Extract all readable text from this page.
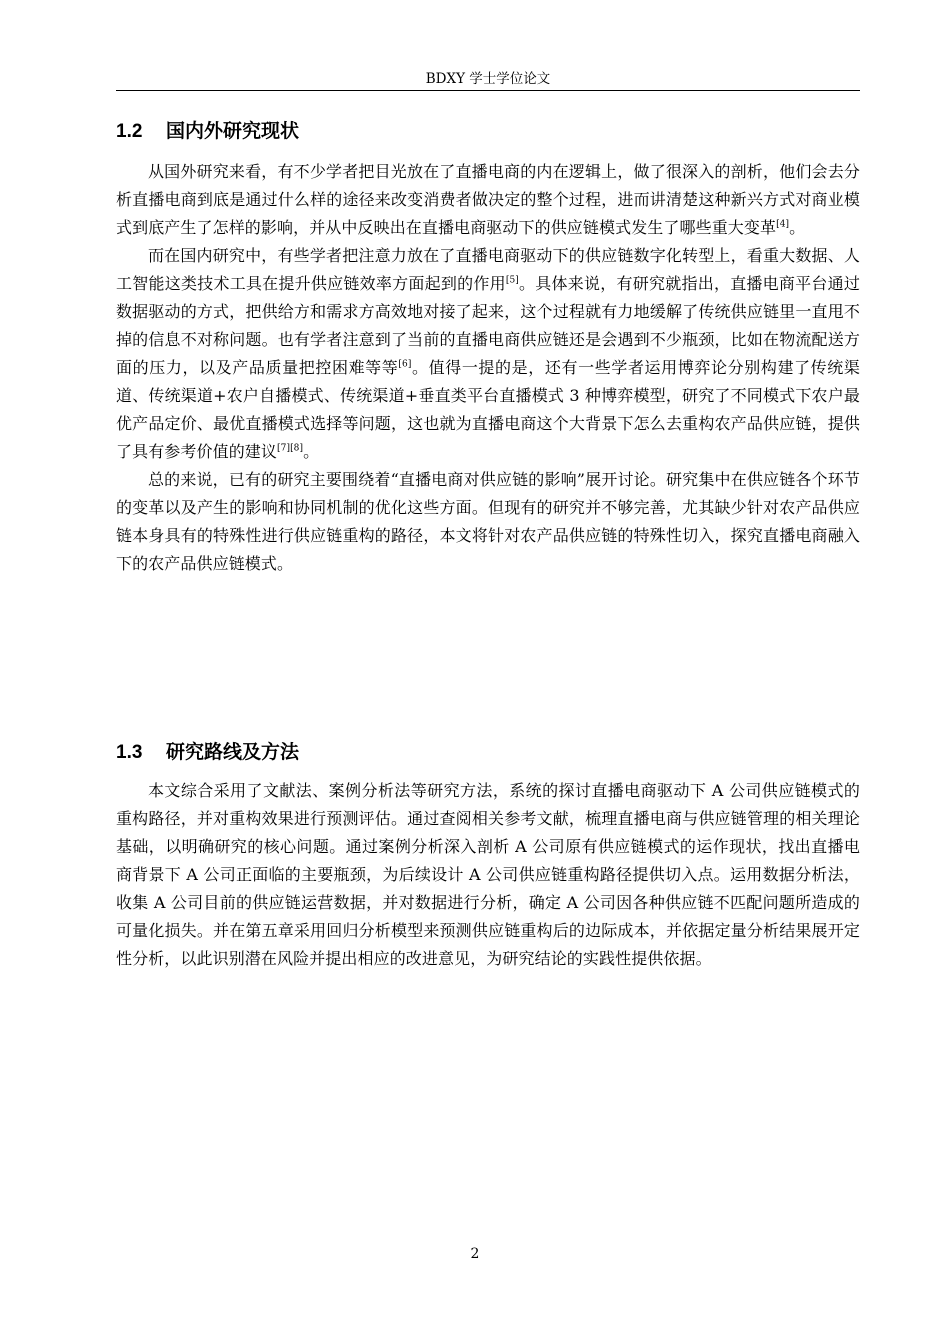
BDXY 学士学位论文
1.2 国内外研究现状

从国外研究来看，有不少学者把目光放在了直播电商的内在逻辑上，做了很深入的剖析，他们会去分析直播电商到底是通过什么样的途径来改变消费者做决定的整个过程，进而讲清楚这种新兴方式对商业模式到底产生了怎样的影响，并从中反映出在直播电商驱动下的供应链模式发生了哪些重大变革[4]。

而在国内研究中，有些学者把注意力放在了直播电商驱动下的供应链数字化转型上，看重大数据、人工智能这类技术工具在提升供应链效率方面起到的作用[5]。具体来说，有研究就指出，直播电商平台通过数据驱动的方式，把供给方和需求方高效地对接了起来，这个过程就有力地缓解了传统供应链里一直甩不掉的信息不对称问题。也有学者注意到了当前的直播电商供应链还是会遇到不少瓶颈，比如在物流配送方面的压力，以及产品质量把控困难等等[6]。值得一提的是，还有一些学者运用博弈论分别构建了传统渠道、传统渠道+农户自播模式、传统渠道+垂直类平台直播模式 3 种博弈模型，研究了不同模式下农户最优产品定价、最优直播模式选择等问题，这也就为直播电商这个大背景下怎么去重构农产品供应链，提供了具有参考价值的建议[7][8]。

总的来说，已有的研究主要围绕着“直播电商对供应链的影响”展开讨论。研究集中在供应链各个环节的变革以及产生的影响和协同机制的优化这些方面。但现有的研究并不够完善，尤其缺少针对农产品供应链本身具有的特殊性进行供应链重构的路径，本文将针对农产品供应链的特殊性切入，探究直播电商融入下的农产品供应链模式。

1.3 研究路线及方法

本文综合采用了文献法、案例分析法等研究方法，系统的探讨直播电商驱动下 A 公司供应链模式的重构路径，并对重构效果进行预测评估。通过查阅相关参考文献，梳理直播电商与供应链管理的相关理论基础，以明确研究的核心问题。通过案例分析深入剖析 A 公司原有供应链模式的运作现状，找出直播电商背景下 A 公司正面临的主要瓶颈，为后续设计 A 公司供应链重构路径提供切入点。运用数据分析法，收集 A 公司目前的供应链运营数据，并对数据进行分析，确定 A 公司因各种供应链不匹配问题所造成的可量化损失。并在第五章采用回归分析模型来预测供应链重构后的边际成本，并依据定量分析结果展开定性分析，以此识别潜在风险并提出相应的改进意见，为研究结论的实践性提供依据。

2
